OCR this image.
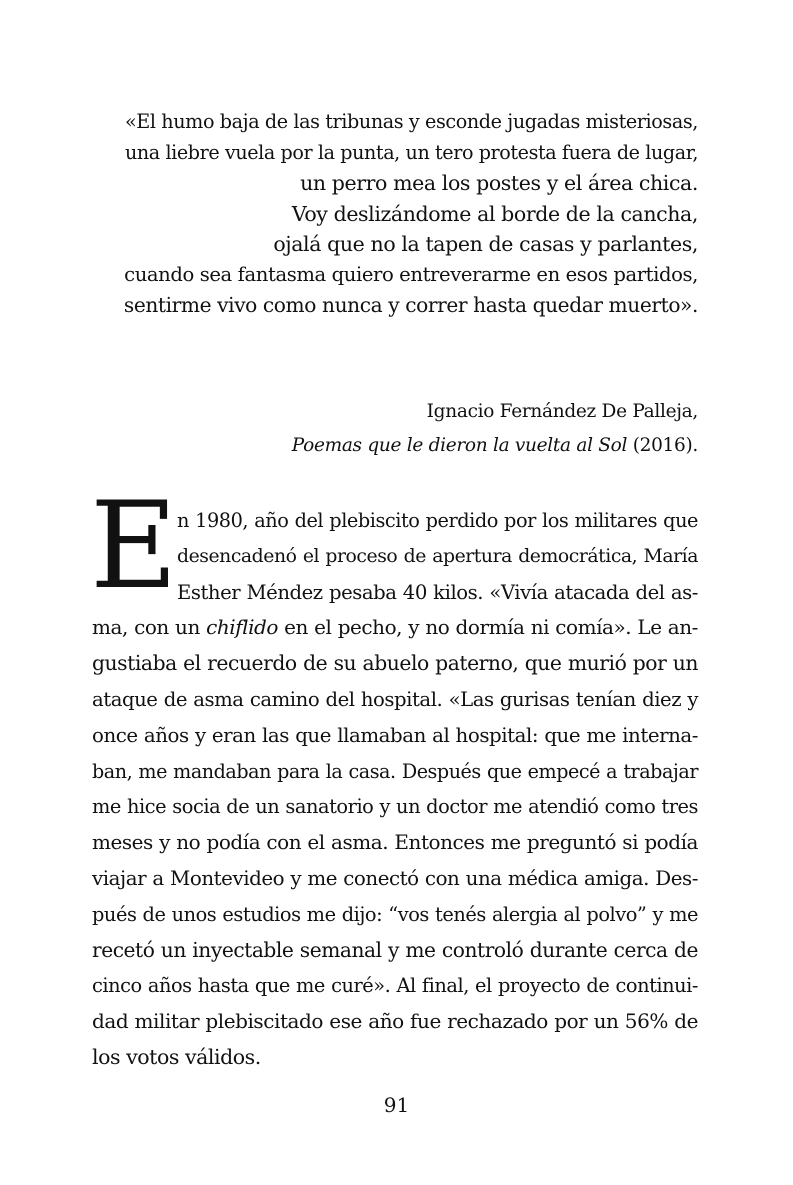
«El humo baja de las tribunas y esconde jugadas misteriosas,
una liebre vuela por la punta, un tero protesta fuera de lugar,
un perro mea los postes y el área chica.
Voy deslizándome al borde de la cancha,
ojalá que no la tapen de casas y parlantes,
cuando sea fantasma quiero entreverarme en esos partidos,
sentirme vivo como nunca y correr hasta quedar muerto».
Ignacio Fernández De Palleja,
Poemas que le dieron la vuelta al Sol (2016).
E n 1980, año del plebiscito perdido por los militares que
desencadenó el proceso de apertura democrática, María
Esther Méndez pesaba 40 kilos. «Vivía atacada del as-
ma, con un chiflido en el pecho, y no dormía ni comía». Le an-
gustiaba el recuerdo de su abuelo paterno, que murió por un
ataque de asma camino del hospital. «Las gurisas tenían diez y
once años y eran las que llamaban al hospital: que me interna-
ban, me mandaban para la casa. Después que empecé a trabajar
me hice socia de un sanatorio y un doctor me atendió como tres
meses y no podía con el asma. Entonces me preguntó si podía
viajar a Montevideo y me conectó con una médica amiga. Des-
pués de unos estudios me dijo: “vos tenés alergia al polvo” y me
recetó un inyectable semanal y me controló durante cerca de
cinco años hasta que me curé». Al final, el proyecto de continui-
dad militar plebiscitado ese año fue rechazado por un 56% de
los votos válidos.
91
